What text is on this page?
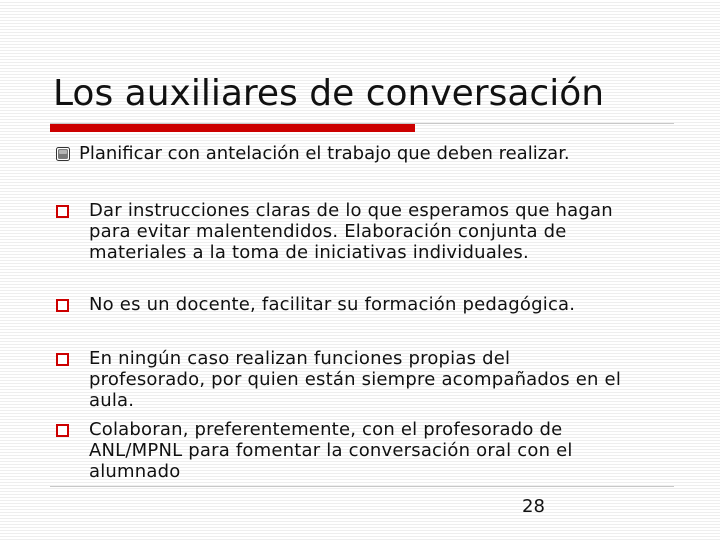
Los auxiliares de conversación
Planificar con antelación el trabajo que deben realizar.
Dar instrucciones claras de lo que esperamos que hagan
para evitar malentendidos. Elaboración conjunta de
materiales a la toma de iniciativas individuales.
No es un docente, facilitar su formación pedagógica.
En ningún caso realizan funciones propias del
profesorado, por quien están siempre acompañados en el
aula.
Colaboran, preferentemente, con el profesorado de
ANL/MPNL para fomentar la conversación oral con el
alumnado
28
